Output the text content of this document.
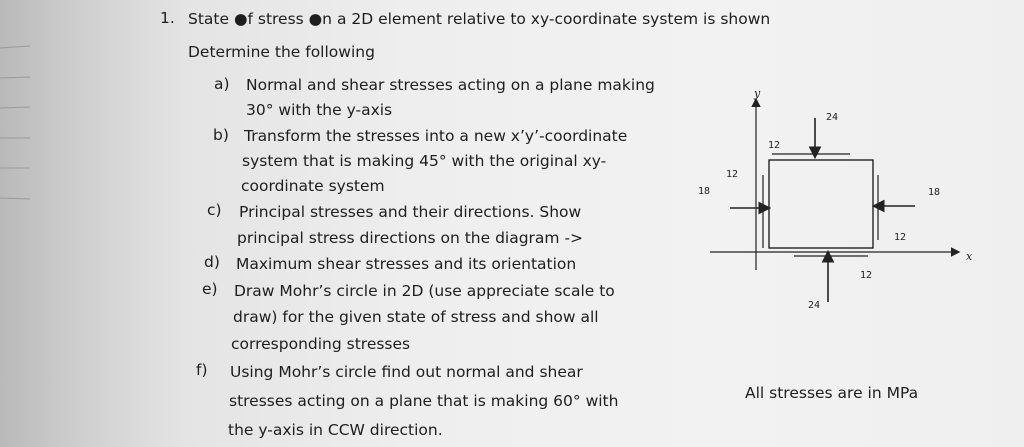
1. State ●f stress ●n a 2D element relative to xy-coordinate system is shown
Determine the following
a) Normal and shear stresses acting on a plane making
30° with the y-axis
b) Transform the stresses into a new x’y’-coordinate
system that is making 45° with the original xy-
coordinate system
c) Principal stresses and their directions. Show
principal stress directions on the diagram ->
d) Maximum shear stresses and its orientation
e) Draw Mohr’s circle in 2D (use appreciate scale to
draw) for the given state of stress and show all
corresponding stresses
f) Using Mohr’s circle find out normal and shear
stresses acting on a plane that is making 60° with
the y-axis in CCW direction.
y
x
24
12
12
18	18
12
12
24
All stresses are in MPa
